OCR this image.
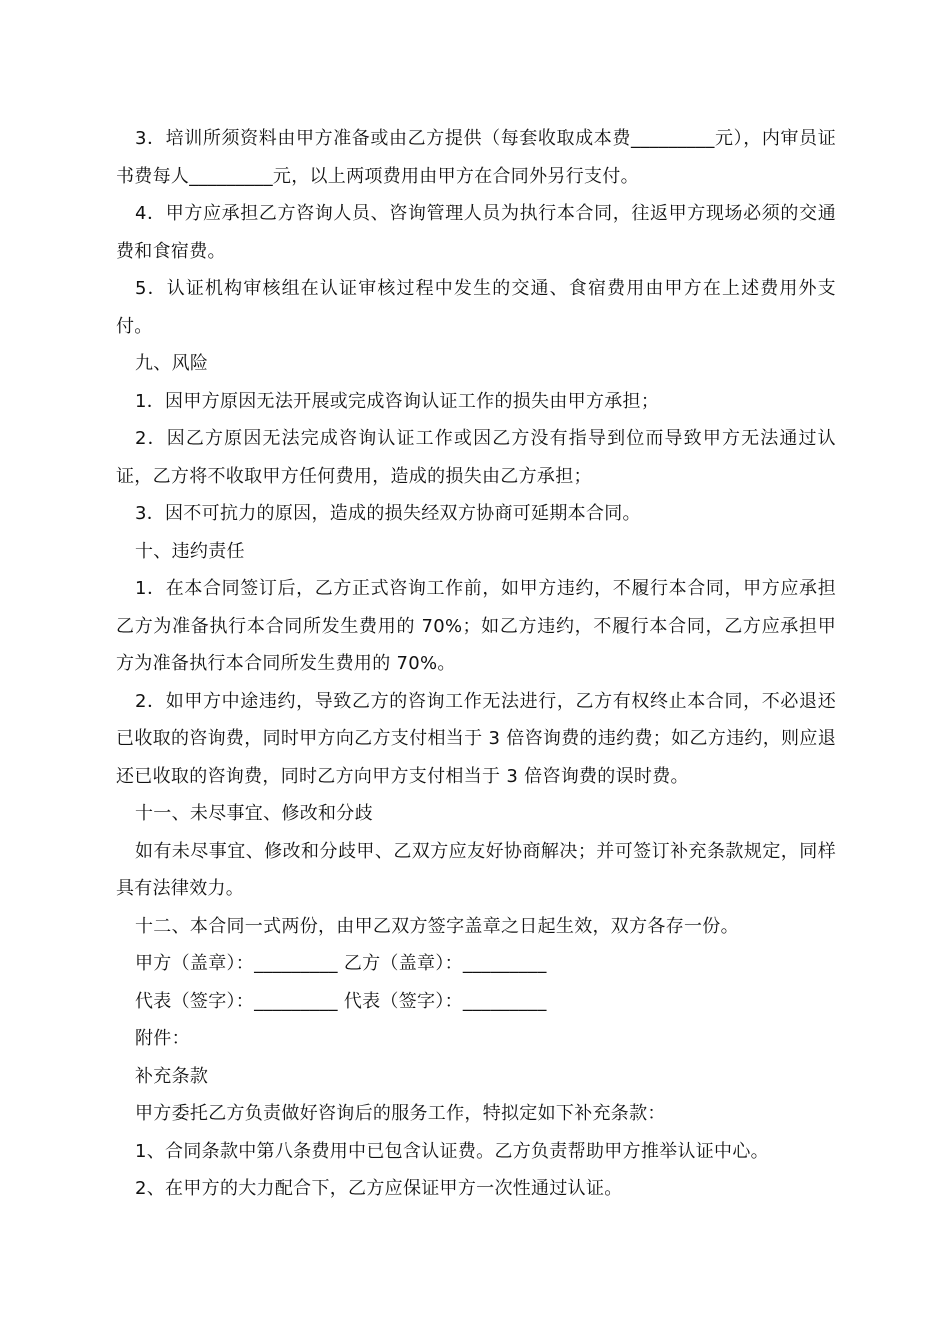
3．培训所须资料由甲方准备或由乙方提供（每套收取成本费_________元），内审员证书费每人_________元，以上两项费用由甲方在合同外另行支付。

4．甲方应承担乙方咨询人员、咨询管理人员为执行本合同，往返甲方现场必须的交通费和食宿费。

5．认证机构审核组在认证审核过程中发生的交通、食宿费用由甲方在上述费用外支付。

九、风险

1．因甲方原因无法开展或完成咨询认证工作的损失由甲方承担；

2．因乙方原因无法完成咨询认证工作或因乙方没有指导到位而导致甲方无法通过认证，乙方将不收取甲方任何费用，造成的损失由乙方承担；

3．因不可抗力的原因，造成的损失经双方协商可延期本合同。

十、违约责任

1．在本合同签订后，乙方正式咨询工作前，如甲方违约，不履行本合同，甲方应承担乙方为准备执行本合同所发生费用的 70%；如乙方违约，不履行本合同，乙方应承担甲方为准备执行本合同所发生费用的 70%。

2．如甲方中途违约，导致乙方的咨询工作无法进行，乙方有权终止本合同，不必退还已收取的咨询费，同时甲方向乙方支付相当于 3 倍咨询费的违约费；如乙方违约，则应退还已收取的咨询费，同时乙方向甲方支付相当于 3 倍咨询费的误时费。

十一、未尽事宜、修改和分歧

如有未尽事宜、修改和分歧甲、乙双方应友好协商解决；并可签订补充条款规定，同样具有法律效力。

十二、本合同一式两份，由甲乙双方签字盖章之日起生效，双方各存一份。

甲方（盖章）：_________ 乙方（盖章）：_________

代表（签字）：_________ 代表（签字）：_________

附件：

补充条款

甲方委托乙方负责做好咨询后的服务工作，特拟定如下补充条款：

1、合同条款中第八条费用中已包含认证费。乙方负责帮助甲方推举认证中心。

2、在甲方的大力配合下，乙方应保证甲方一次性通过认证。
